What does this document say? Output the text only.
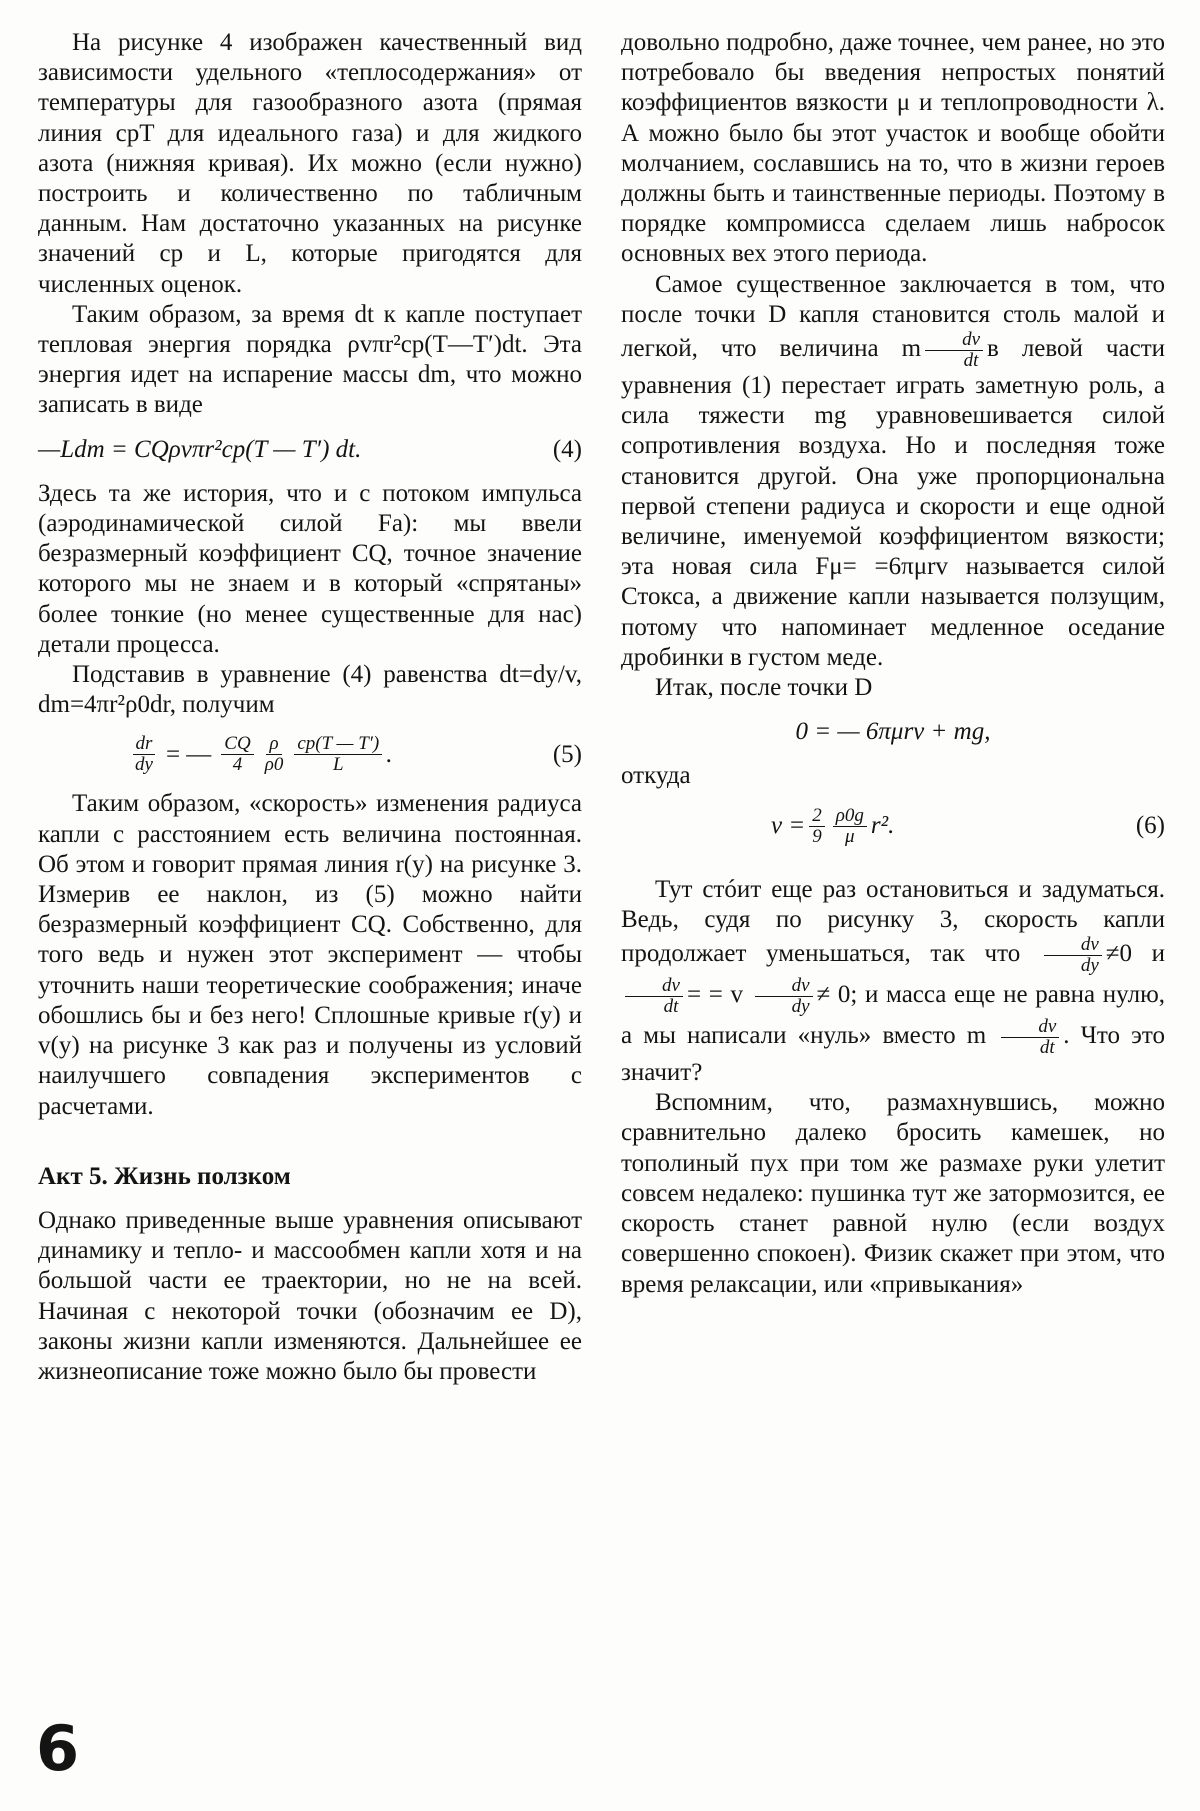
На рисунке 4 изображен качественный вид зависимости удельного «теплосодержания» от температуры для газообразного азота (прямая линия cpT для идеального газа) и для жидкого азота (нижняя кривая). Их можно (если нужно) построить и количественно по табличным данным. Нам достаточно указанных на рисунке значений cp и L, которые пригодятся для численных оценок.

Таким образом, за время dt к капле поступает тепловая энергия порядка ρvπr²cp(T—T′)dt. Эта энергия идет на испарение массы dm, что можно записать в виде

—Ldm = CQρvπr²cp(T — T′) dt.	(4)

Здесь та же история, что и с потоком импульса (аэродинамической силой Fa): мы ввели безразмерный коэффициент CQ, точное значение которого мы не знаем и в который «спрятаны» более тонкие (но менее существенные для нас) детали процесса.

Подставив в уравнение (4) равенства dt=dy/v, dm=4πr²ρ0dr, получим

$\frac{dr}{dy}$ = — $\frac{CQ}{4} \frac{\rho}{\rho 0} \frac{cp(T — T')}{L}$ .	(5)

Таким образом, «скорость» изменения радиуса капли с расстоянием есть величина постоянная. Об этом и говорит прямая линия r(y) на рисунке 3. Измерив ее наклон, из (5) можно найти безразмерный коэффициент CQ. Собственно, для того ведь и нужен этот эксперимент — чтобы уточнить наши теоретические соображения; иначе обошлись бы и без него! Сплошные кривые r(y) и v(y) на рисунке 3 как раз и получены из условий наилучшего совпадения экспериментов с расчетами.

Акт 5. Жизнь ползком

Однако приведенные выше уравнения описывают динамику и тепло- и массообмен капли хотя и на большой части ее траектории, но не на всей. Начиная с некоторой точки (обозначим ее D), законы жизни капли изменяются. Дальнейшее ее жизнеописание тоже можно было бы провести

довольно подробно, даже точнее, чем ранее, но это потребовало бы введения непростых понятий коэффициентов вязкости μ и теплопроводности λ. А можно было бы этот участок и вообще обойти молчанием, сославшись на то, что в жизни героев должны быть и таинственные периоды. Поэтому в порядке компромисса сделаем лишь набросок основных вех этого периода.

Самое существенное заключается в том, что после точки D капля становится столь малой и легкой, что величина m $\frac{dv}{dt}$ в левой части уравнения (1) перестает играть заметную роль, а сила тяжести mg уравновешивается силой сопротивления воздуха. Но и последняя тоже становится другой. Она уже пропорциональна первой степени радиуса и скорости и еще одной величине, именуемой коэффициентом вязкости; эта новая сила Fμ= =6πμrv называется силой Стокса, а движение капли называется ползущим, потому что напоминает медленное оседание дробинки в густом меде.

Итак, после точки D

0 = — 6πμrv + mg,

откуда

$v = \frac{2}{9} \frac{\rho 0g}{\mu} r^2$.	(6)

Тут стóит еще раз остановиться и задуматься. Ведь, судя по рисунку 3, скорость капли продолжает уменьшаться, так что $\frac{dv}{dy} \ne 0$ и
$\frac{dv}{dt}$ = = v $\frac{dv}{dy} \ne 0$; и масса еще не равна нулю, а мы написали «нуль» вместо m $\frac{dv}{dt}$ . Что это значит?

Вспомним, что, размахнувшись, можно сравнительно далеко бросить камешек, но тополиный пух при том же размахе руки улетит совсем недалеко: пушинка тут же затормозится, ее скорость станет равной нулю (если воздух совершенно спокоен). Физик скажет при этом, что время релаксации, или «привыкания»

6
